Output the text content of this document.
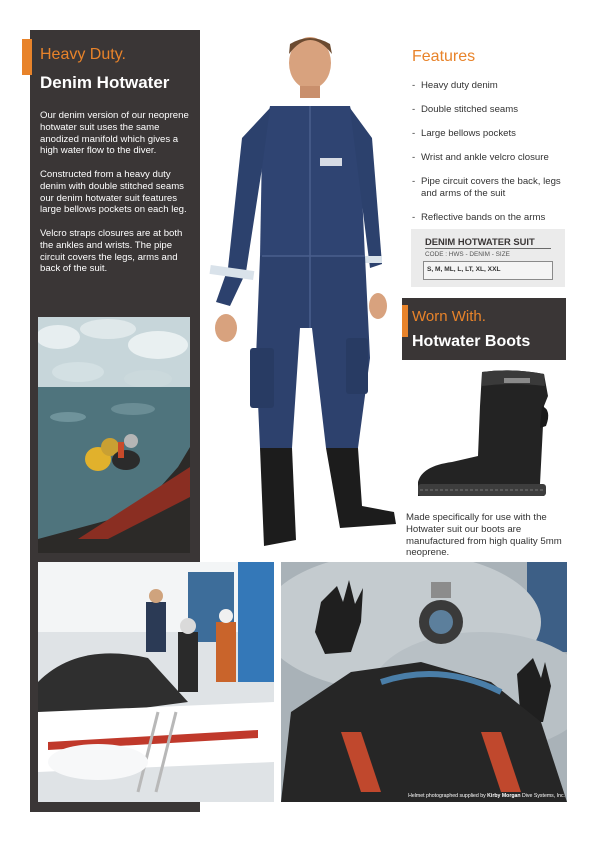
Heavy Duty.
Denim Hotwater

Our denim version of our neoprene hotwater suit uses the same anodized manifold which gives a high water flow to the diver.

Constructed from a heavy duty denim with double stitched seams our denim hotwater suit features large bellows pockets on each leg.

Velcro straps closures are at both the ankles and wrists. The pipe circuit covers the legs, arms and back of the suit.

Features
- Heavy duty denim
- Double stitched seams
- Large bellows pockets
- Wrist and ankle velcro closure
- Pipe circuit covers the back, legs and arms of the suit
- Reflective bands on the arms
DENIM HOTWATER SUIT
CODE : HWS - DENIM - SIZE
S, M, ML, L, LT, XL, XXL
Worn With.
Hotwater Boots
Made specifically for use with the Hotwater suit our boots are manufactured from high quality 5mm neoprene.
Helmet photographed supplied by Kirby Morgan Dive Systems, Inc.
